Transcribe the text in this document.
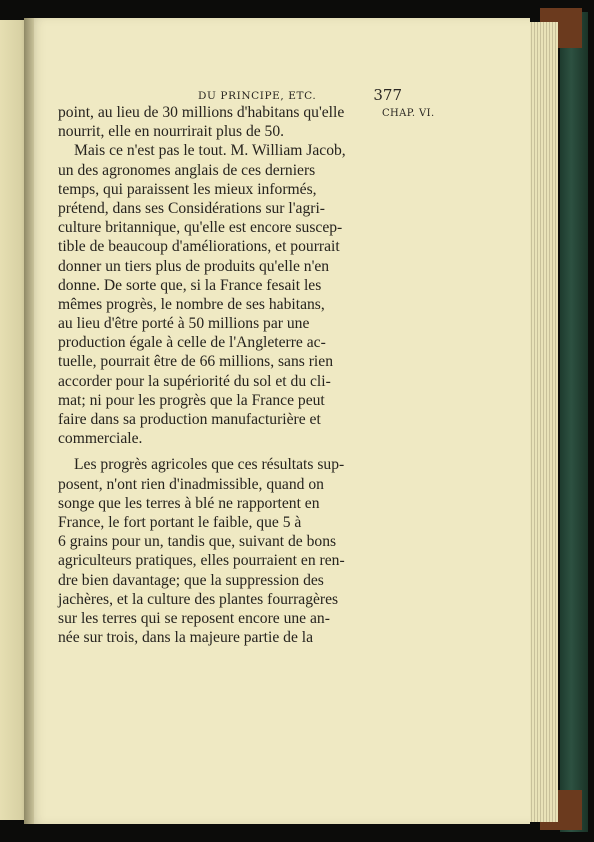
DU PRINCIPE, ETC.	377
CHAP. VI.
point, au lieu de 30 millions d'habitans qu'elle
nourrit, elle en nourrirait plus de 50.
Mais ce n'est pas le tout. M. William Jacob,
un des agronomes anglais de ces derniers
temps, qui paraissent les mieux informés,
prétend, dans ses Considérations sur l'agri-
culture britannique, qu'elle est encore suscep-
tible de beaucoup d'améliorations, et pourrait
donner un tiers plus de produits qu'elle n'en
donne. De sorte que, si la France fesait les
mêmes progrès, le nombre de ses habitans,
au lieu d'être porté à 50 millions par une
production égale à celle de l'Angleterre ac-
tuelle, pourrait être de 66 millions, sans rien
accorder pour la supériorité du sol et du cli-
mat; ni pour les progrès que la France peut
faire dans sa production manufacturière et
commerciale.
Les progrès agricoles que ces résultats sup-
posent, n'ont rien d'inadmissible, quand on
songe que les terres à blé ne rapportent en
France, le fort portant le faible, que 5 à
6 grains pour un, tandis que, suivant de bons
agriculteurs pratiques, elles pourraient en ren-
dre bien davantage; que la suppression des
jachères, et la culture des plantes fourragères
sur les terres qui se reposent encore une an-
née sur trois, dans la majeure partie de la
